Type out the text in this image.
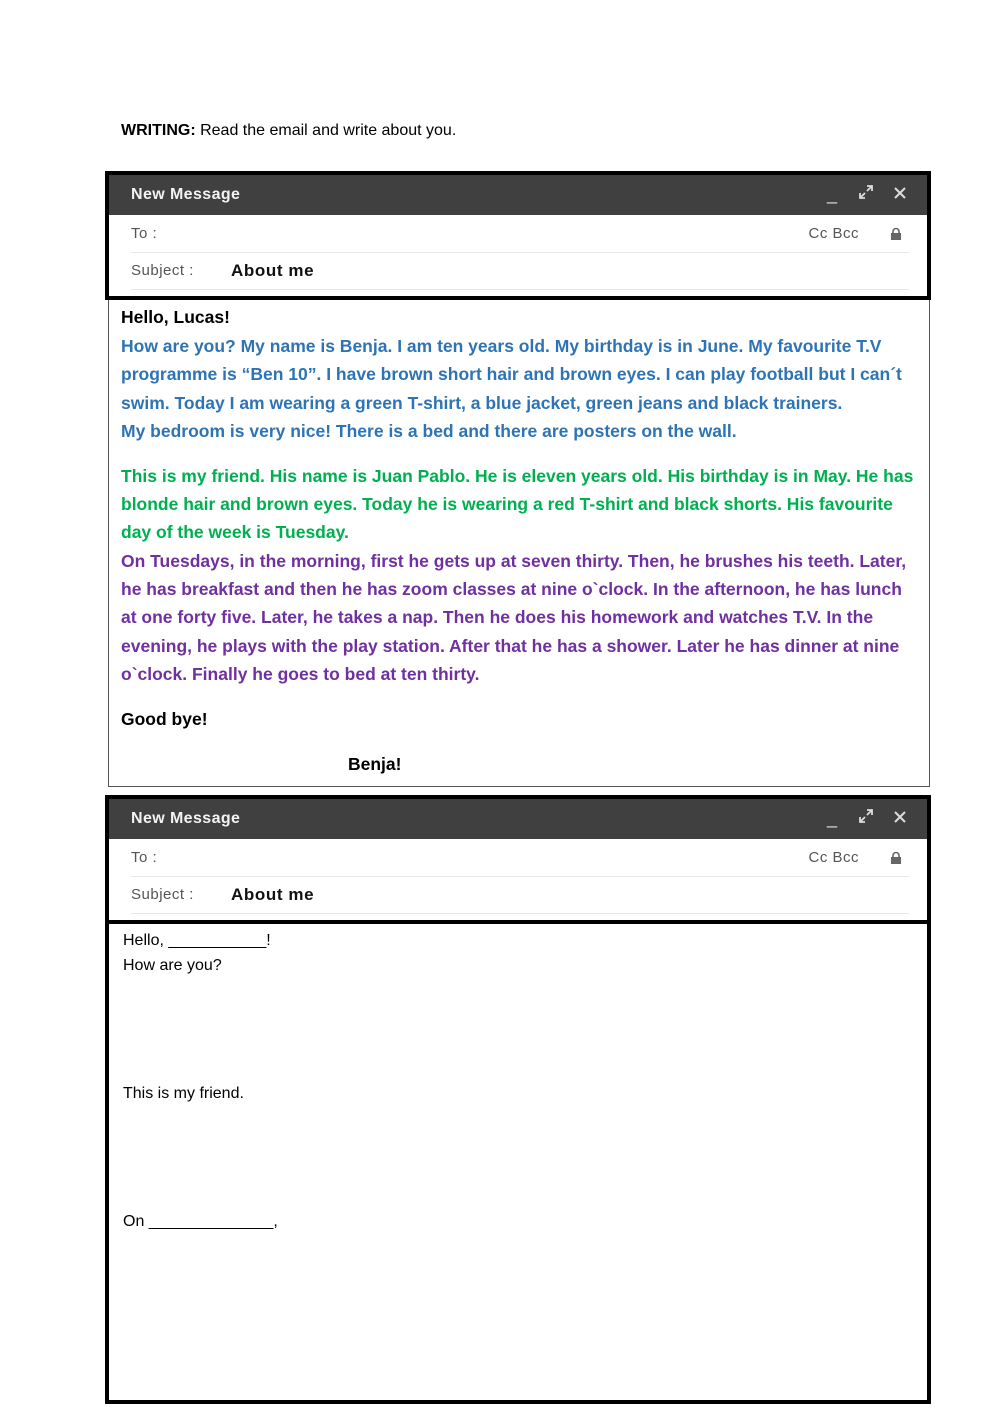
WRITING: Read the email and write about you.
New Message	_
To :	Cc Bcc
Subject : About me

Hello, Lucas!

How are you? My name is Benja. I am ten years old. My birthday is in June. My favourite T.V

programme is “Ben 10”. I have brown short hair and brown eyes. I can play football but I can´t

swim. Today I am wearing a green T-shirt, a blue jacket, green jeans and black trainers.

My bedroom is very nice! There is a bed and there are posters on the wall.

This is my friend. His name is Juan Pablo. He is eleven years old. His birthday is in May. He has

blonde hair and brown eyes. Today he is wearing a red T-shirt and black shorts. His favourite

day of the week is Tuesday.

On Tuesdays, in the morning, first he gets up at seven thirty. Then, he brushes his teeth. Later,

he has breakfast and then he has zoom classes at nine o`clock. In the afternoon, he has lunch

at one forty five. Later, he takes a nap. Then he does his homework and watches T.V. In the

evening, he plays with the play station. After that he has a shower. Later he has dinner at nine

o`clock. Finally he goes to bed at ten thirty.

Good bye!

Benja!

New Message	_
To :	Cc Bcc
Subject : About me

Hello, ___________!

How are you?

This is my friend.

On ______________,
